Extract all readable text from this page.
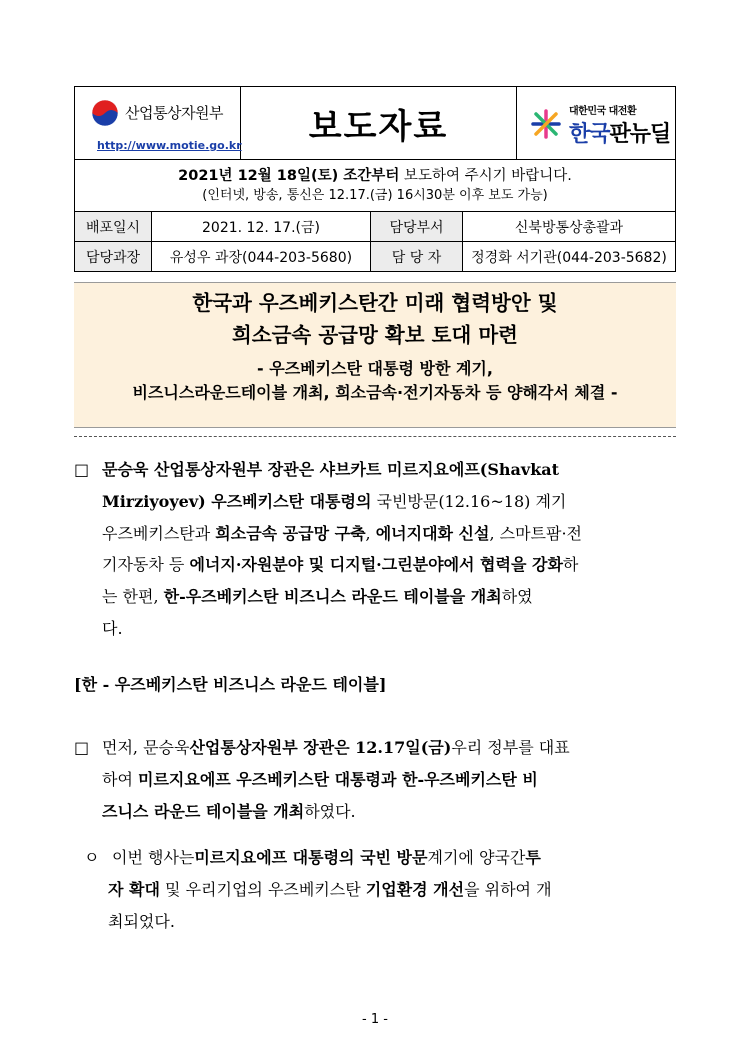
산업통상자원부
http://www.motie.go.kr 보도자료	대한민국 대전환
한국판뉴딜
2021년 12월 18일(토) 조간부터 보도하여 주시기 바랍니다.
(인터넷, 방송, 통신은 12.17.(금) 16시30분 이후 보도 가능)
배포일시	2021. 12. 17.(금)	담당부서	신북방통상총괄과
담당과장	유성우 과장(044-203-5680)	담 당 자	정경화 서기관(044-203-5682)
한국과 우즈베키스탄간 미래 협력방안 및
희소금속 공급망 확보 토대 마련
- 우즈베키스탄 대통령 방한 계기,
비즈니스라운드테이블 개최, 희소금속·전기자동차 등 양해각서 체결 -
□ 문승욱 산업통상자원부 장관은 샤브카트 미르지요에프(Shavkat
Mirziyoyev) 우즈베키스탄 대통령의 국빈방문(12.16~18) 계기
우즈베키스탄과 희소금속 공급망 구축, 에너지대화 신설, 스마트팜·전
기자동차 등 에너지·자원분야 및 디지털·그린분야에서 협력을 강화하
는 한편, 한-우즈베키스탄 비즈니스 라운드 테이블을 개최하였
다.
[한 - 우즈베키스탄 비즈니스 라운드 테이블]
□ 먼저, 문승욱 산업통상자원부 장관은 12.17일(금) 우리 정부를 대표
하여 미르지요에프 우즈베키스탄 대통령과 한-우즈베키스탄 비
즈니스 라운드 테이블을 개최하였다.
ㅇ 이번 행사는 미르지요에프 대통령의 국빈 방문 계기에 양국간 투
자 확대 및 우리기업의 우즈베키스탄 기업환경 개선을 위하여 개
최되었다.
- 1 -
